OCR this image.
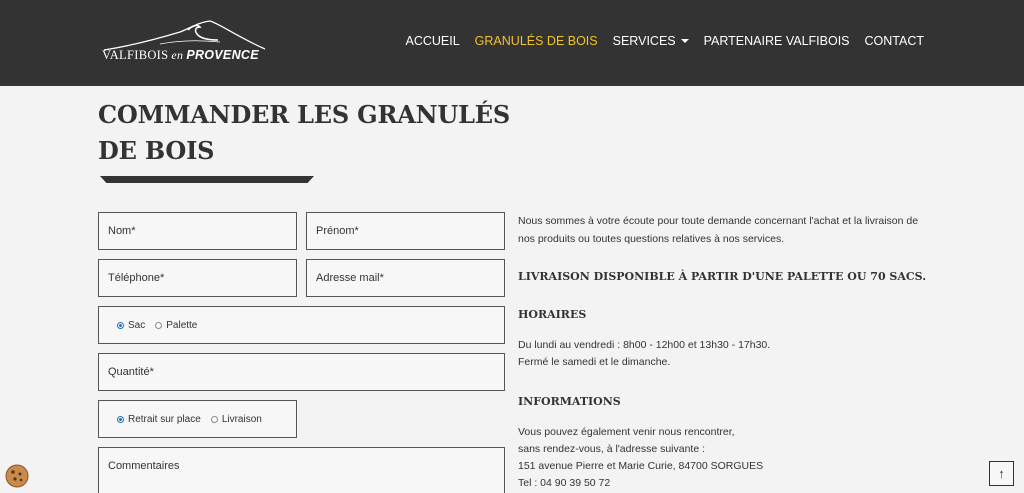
VALFIBOIS en PROVENCE
ACCUEIL GRANULÉS DE BOIS SERVICES PARTENAIRE VALFIBOIS CONTACT
COMMANDER LES GRANULÉS DE BOIS
Nom*	Prénom*
Téléphone*	Adresse mail*
Sac Palette
Quantité*
Retrait sur place Livraison
Commentaires

Nous sommes à votre écoute pour toute demande concernant l'achat et la livraison de nos produits ou toutes questions relatives à nos services.

LIVRAISON DISPONIBLE À PARTIR D'UNE PALETTE OU 70 SACS.
HORAIRES

Du lundi au vendredi : 8h00 - 12h00 et 13h30 - 17h30.

Fermé le samedi et le dimanche.

INFORMATIONS

Vous pouvez également venir nous rencontrer,

sans rendez-vous, à l'adresse suivante :

151 avenue Pierre et Marie Curie, 84700 SORGUES

Tel : 04 90 39 50 72

↑
